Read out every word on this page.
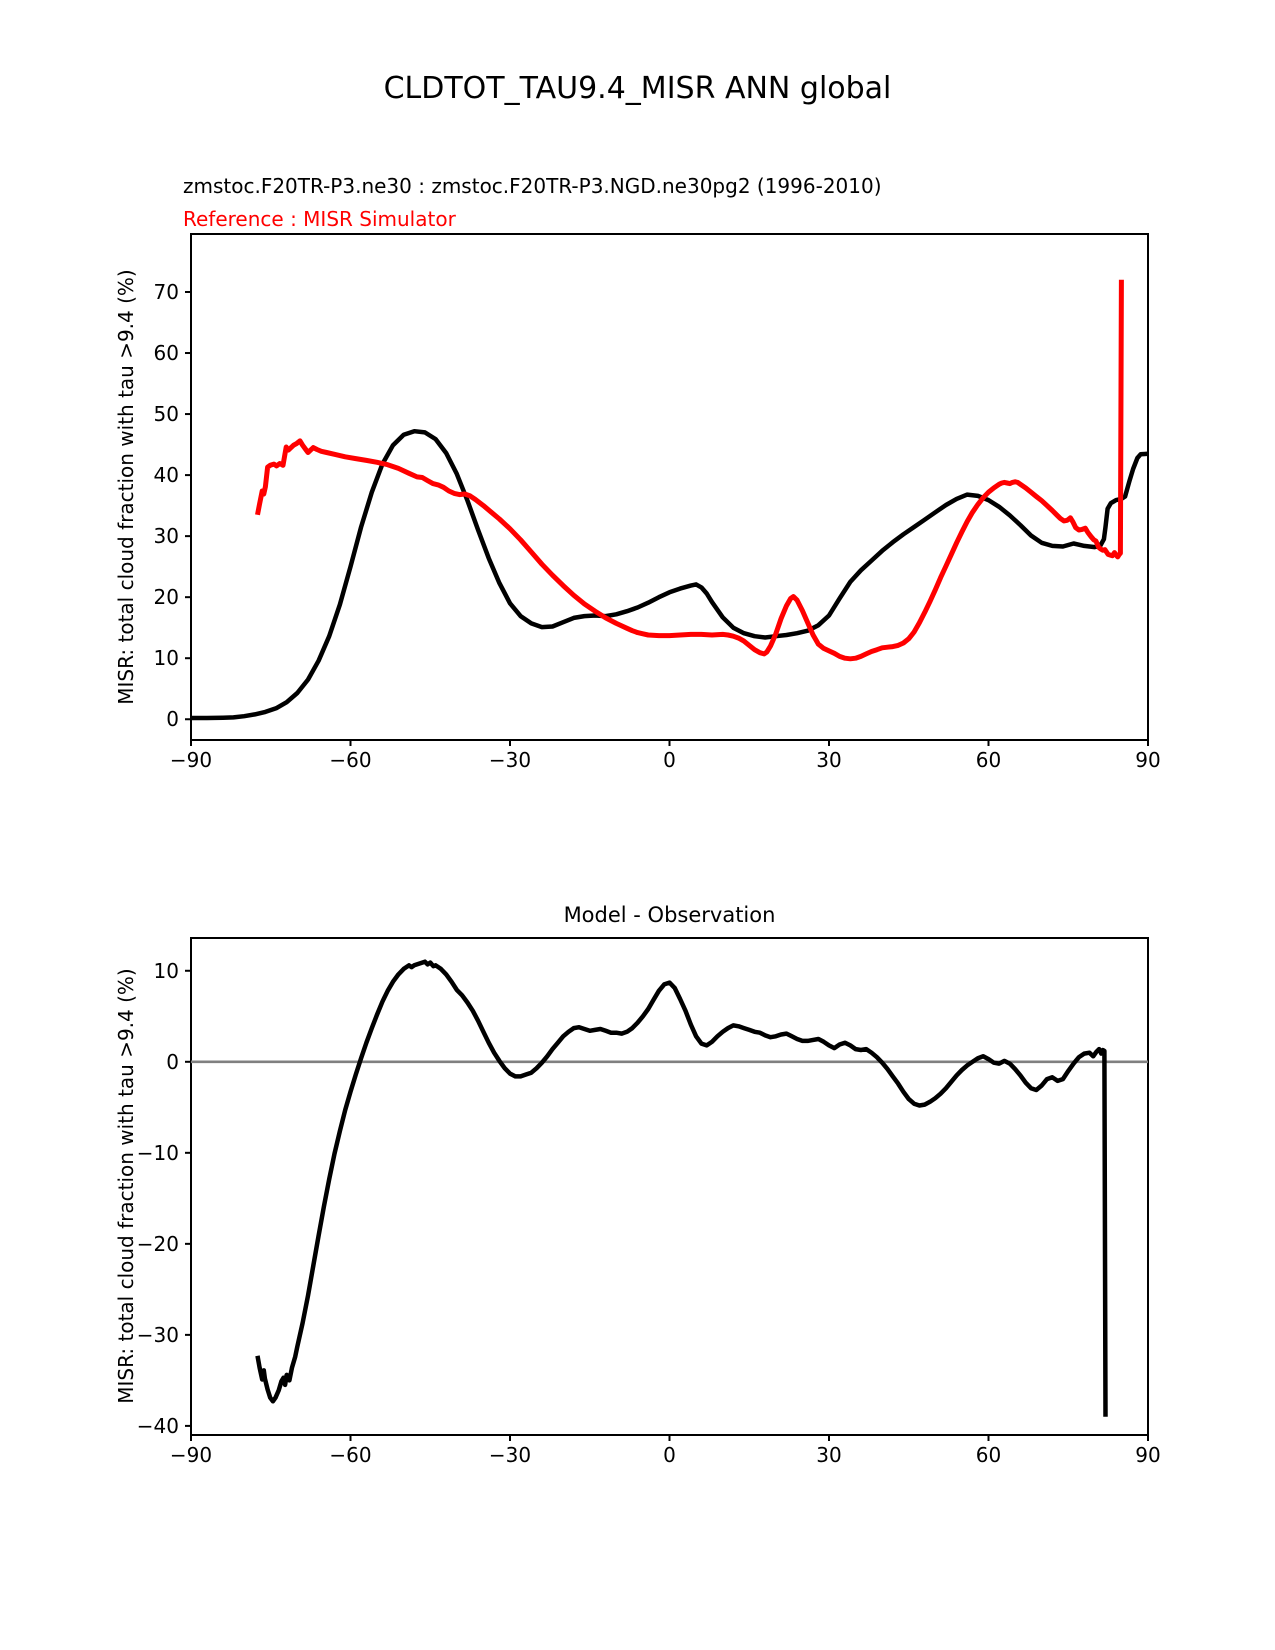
CLDTOT_TAU9.4_MISR ANN global
zmstoc.F20TR-P3.ne30 : zmstoc.F20TR-P3.NGD.ne30pg2 (1996-2010)
Reference : MISR Simulator
MISR: total cloud fraction with tau >9.4 (%)
Model - Observation
MISR: total cloud fraction with tau >9.4 (%)
−90	−60	−30	0	30	60	90
0
10
20
30
40
50
60
70
−90	−60	−30	0	30	60	90
−40
−30
−20
−10
0
10
